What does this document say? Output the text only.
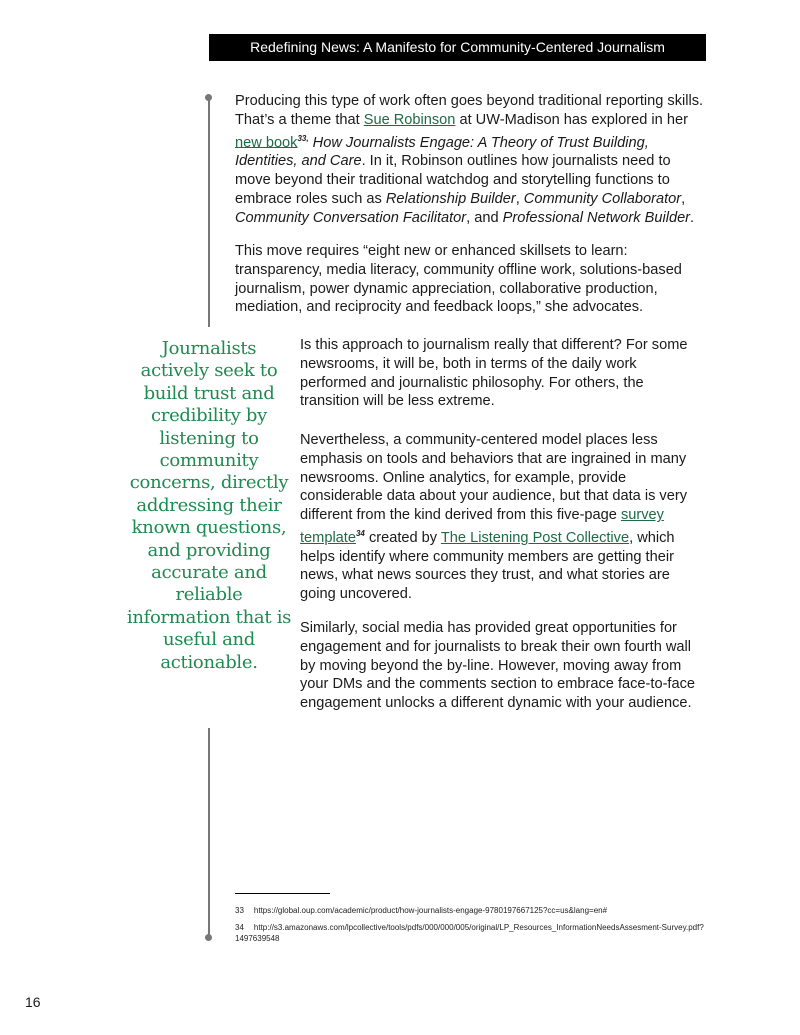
Redefining News: A Manifesto for Community-Centered Journalism

Producing this type of work often goes beyond traditional reporting skills. That’s a theme that Sue Robinson at UW-Madison has explored in her new book$^{33,}$ How Journalists Engage: A Theory of Trust Building, Identities, and Care. In it, Robinson outlines how journalists need to move beyond their traditional watchdog and storytelling functions to embrace roles such as Relationship Builder, Community Collaborator, Community Conversation Facilitator, and Professional Network Builder.

This move requires “eight new or enhanced skillsets to learn: transparency, media literacy, community offline work, solutions-based journalism, power dynamic appreciation, collaborative production, mediation, and reciprocity and feedback loops,” she advocates.

Is this approach to journalism really that different? For some newsrooms, it will be, both in terms of the daily work performed and journalistic philosophy. For others, the transition will be less extreme.

Nevertheless, a community-centered model places less emphasis on tools and behaviors that are ingrained in many newsrooms. Online analytics, for example, provide considerable data about your audience, but that data is very different from the kind derived from this five-page survey template$^{34}$ created by The Listening Post Collective, which helps identify where community members are getting their news, what news sources they trust, and what stories are going uncovered.

Similarly, social media has provided great opportunities for engagement and for journalists to break their own fourth wall by moving beyond the by-line. However, moving away from your DMs and the comments section to embrace face-to-face engagement unlocks a different dynamic with your audience.

Journalists actively seek to build trust and credibility by listening to community concerns, directly addressing their known questions, and providing accurate and reliable information that is useful and actionable.
33 https://global.oup.com/academic/product/how-journalists-engage-9780197667125?cc=us&lang=en#
34 http://s3.amazonaws.com/lpcollective/tools/pdfs/000/000/005/original/LP_Resources_InformationNeedsAssesment-Survey.pdf?1497639548
16
